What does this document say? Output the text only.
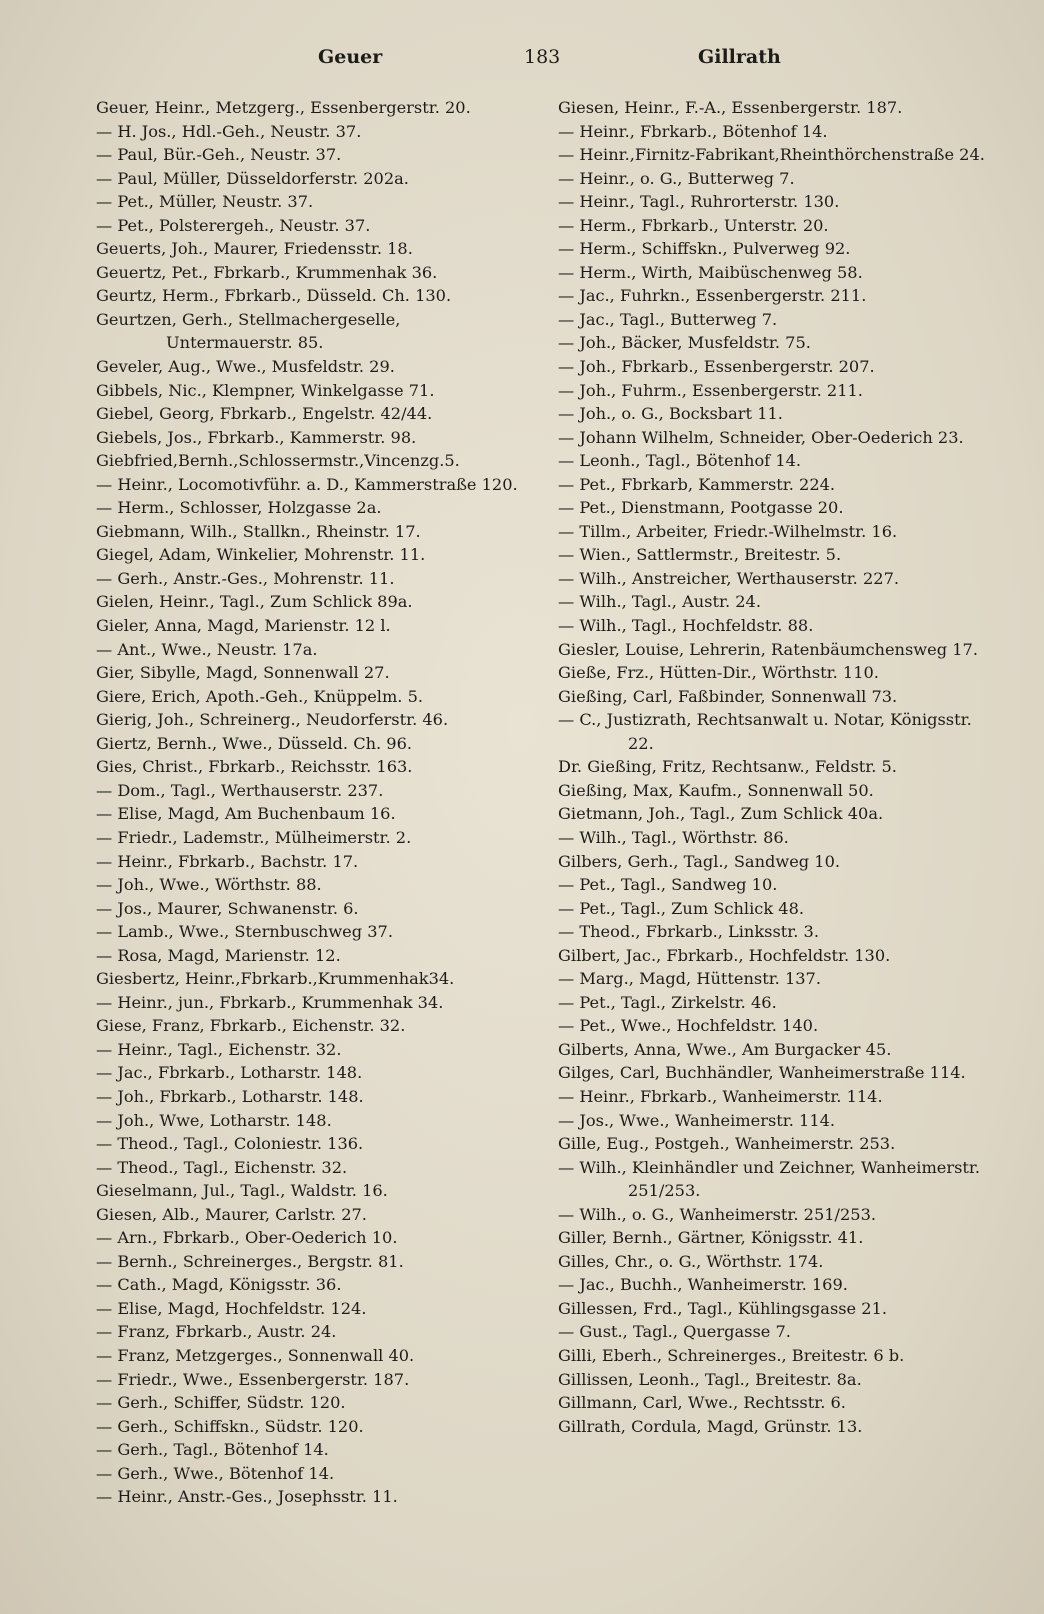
Geuer	183	Gillrath
Geuer, Heinr., Metzgerg., Essenbergerstr. 20.
— H. Jos., Hdl.-Geh., Neustr. 37.
— Paul, Bür.-Geh., Neustr. 37.
— Paul, Müller, Düsseldorferstr. 202a.
— Pet., Müller, Neustr. 37.
— Pet., Polsterergeh., Neustr. 37.
Geuerts, Joh., Maurer, Friedensstr. 18.
Geuertz, Pet., Fbrkarb., Krummenhak 36.
Geurtz, Herm., Fbrkarb., Düsseld. Ch. 130.
Geurtzen, Gerh., Stellmachergeselle, Untermauerstr. 85.
Geveler, Aug., Wwe., Musfeldstr. 29.
Gibbels, Nic., Klempner, Winkelgasse 71.
Giebel, Georg, Fbrkarb., Engelstr. 42/44.
Giebels, Jos., Fbrkarb., Kammerstr. 98.
Giebfried,Bernh.,Schlossermstr.,Vincenzg.5.
— Heinr., Locomotivführ. a. D., Kammerstraße 120.
— Herm., Schlosser, Holzgasse 2a.
Giebmann, Wilh., Stallkn., Rheinstr. 17.
Giegel, Adam, Winkelier, Mohrenstr. 11.
— Gerh., Anstr.-Ges., Mohrenstr. 11.
Gielen, Heinr., Tagl., Zum Schlick 89a.
Gieler, Anna, Magd, Marienstr. 12 l.
— Ant., Wwe., Neustr. 17a.
Gier, Sibylle, Magd, Sonnenwall 27.
Giere, Erich, Apoth.-Geh., Knüppelm. 5.
Gierig, Joh., Schreinerg., Neudorferstr. 46.
Giertz, Bernh., Wwe., Düsseld. Ch. 96.
Gies, Christ., Fbrkarb., Reichsstr. 163.
— Dom., Tagl., Werthauserstr. 237.
— Elise, Magd, Am Buchenbaum 16.
— Friedr., Lademstr., Mülheimerstr. 2.
— Heinr., Fbrkarb., Bachstr. 17.
— Joh., Wwe., Wörthstr. 88.
— Jos., Maurer, Schwanenstr. 6.
— Lamb., Wwe., Sternbuschweg 37.
— Rosa, Magd, Marienstr. 12.
Giesbertz, Heinr.,Fbrkarb.,Krummenhak34.
— Heinr., jun., Fbrkarb., Krummenhak 34.
Giese, Franz, Fbrkarb., Eichenstr. 32.
— Heinr., Tagl., Eichenstr. 32.
— Jac., Fbrkarb., Lotharstr. 148.
— Joh., Fbrkarb., Lotharstr. 148.
— Joh., Wwe, Lotharstr. 148.
— Theod., Tagl., Coloniestr. 136.
— Theod., Tagl., Eichenstr. 32.
Gieselmann, Jul., Tagl., Waldstr. 16.
Giesen, Alb., Maurer, Carlstr. 27.
— Arn., Fbrkarb., Ober-Oederich 10.
— Bernh., Schreinerges., Bergstr. 81.
— Cath., Magd, Königsstr. 36.
— Elise, Magd, Hochfeldstr. 124.
— Franz, Fbrkarb., Austr. 24.
— Franz, Metzgerges., Sonnenwall 40.
— Friedr., Wwe., Essenbergerstr. 187.
— Gerh., Schiffer, Südstr. 120.
— Gerh., Schiffskn., Südstr. 120.
— Gerh., Tagl., Bötenhof 14.
— Gerh., Wwe., Bötenhof 14.
— Heinr., Anstr.-Ges., Josephsstr. 11.
Giesen, Heinr., F.-A., Essenbergerstr. 187.
— Heinr., Fbrkarb., Bötenhof 14.
— Heinr.,Firnitz-Fabrikant,Rheinthörchenstraße 24.
— Heinr., o. G., Butterweg 7.
— Heinr., Tagl., Ruhrorterstr. 130.
— Herm., Fbrkarb., Unterstr. 20.
— Herm., Schiffskn., Pulverweg 92.
— Herm., Wirth, Maibüschenweg 58.
— Jac., Fuhrkn., Essenbergerstr. 211.
— Jac., Tagl., Butterweg 7.
— Joh., Bäcker, Musfeldstr. 75.
— Joh., Fbrkarb., Essenbergerstr. 207.
— Joh., Fuhrm., Essenbergerstr. 211.
— Joh., o. G., Bocksbart 11.
— Johann Wilhelm, Schneider, Ober-Oederich 23.
— Leonh., Tagl., Bötenhof 14.
— Pet., Fbrkarb, Kammerstr. 224.
— Pet., Dienstmann, Pootgasse 20.
— Tillm., Arbeiter, Friedr.-Wilhelmstr. 16.
— Wien., Sattlermstr., Breitestr. 5.
— Wilh., Anstreicher, Werthauserstr. 227.
— Wilh., Tagl., Austr. 24.
— Wilh., Tagl., Hochfeldstr. 88.
Giesler, Louise, Lehrerin, Ratenbäumchensweg 17.
Gieße, Frz., Hütten-Dir., Wörthstr. 110.
Gießing, Carl, Faßbinder, Sonnenwall 73.
— C., Justizrath, Rechtsanwalt u. Notar, Königsstr. 22.
Dr. Gießing, Fritz, Rechtsanw., Feldstr. 5.
Gießing, Max, Kaufm., Sonnenwall 50.
Gietmann, Joh., Tagl., Zum Schlick 40a.
— Wilh., Tagl., Wörthstr. 86.
Gilbers, Gerh., Tagl., Sandweg 10.
— Pet., Tagl., Sandweg 10.
— Pet., Tagl., Zum Schlick 48.
— Theod., Fbrkarb., Linksstr. 3.
Gilbert, Jac., Fbrkarb., Hochfeldstr. 130.
— Marg., Magd, Hüttenstr. 137.
— Pet., Tagl., Zirkelstr. 46.
— Pet., Wwe., Hochfeldstr. 140.
Gilberts, Anna, Wwe., Am Burgacker 45.
Gilges, Carl, Buchhändler, Wanheimerstraße 114.
— Heinr., Fbrkarb., Wanheimerstr. 114.
— Jos., Wwe., Wanheimerstr. 114.
Gille, Eug., Postgeh., Wanheimerstr. 253.
— Wilh., Kleinhändler und Zeichner, Wanheimerstr. 251/253.
— Wilh., o. G., Wanheimerstr. 251/253.
Giller, Bernh., Gärtner, Königsstr. 41.
Gilles, Chr., o. G., Wörthstr. 174.
— Jac., Buchh., Wanheimerstr. 169.
Gillessen, Frd., Tagl., Kühlingsgasse 21.
— Gust., Tagl., Quergasse 7.
Gilli, Eberh., Schreinerges., Breitestr. 6 b.
Gillissen, Leonh., Tagl., Breitestr. 8a.
Gillmann, Carl, Wwe., Rechtsstr. 6.
Gillrath, Cordula, Magd, Grünstr. 13.
